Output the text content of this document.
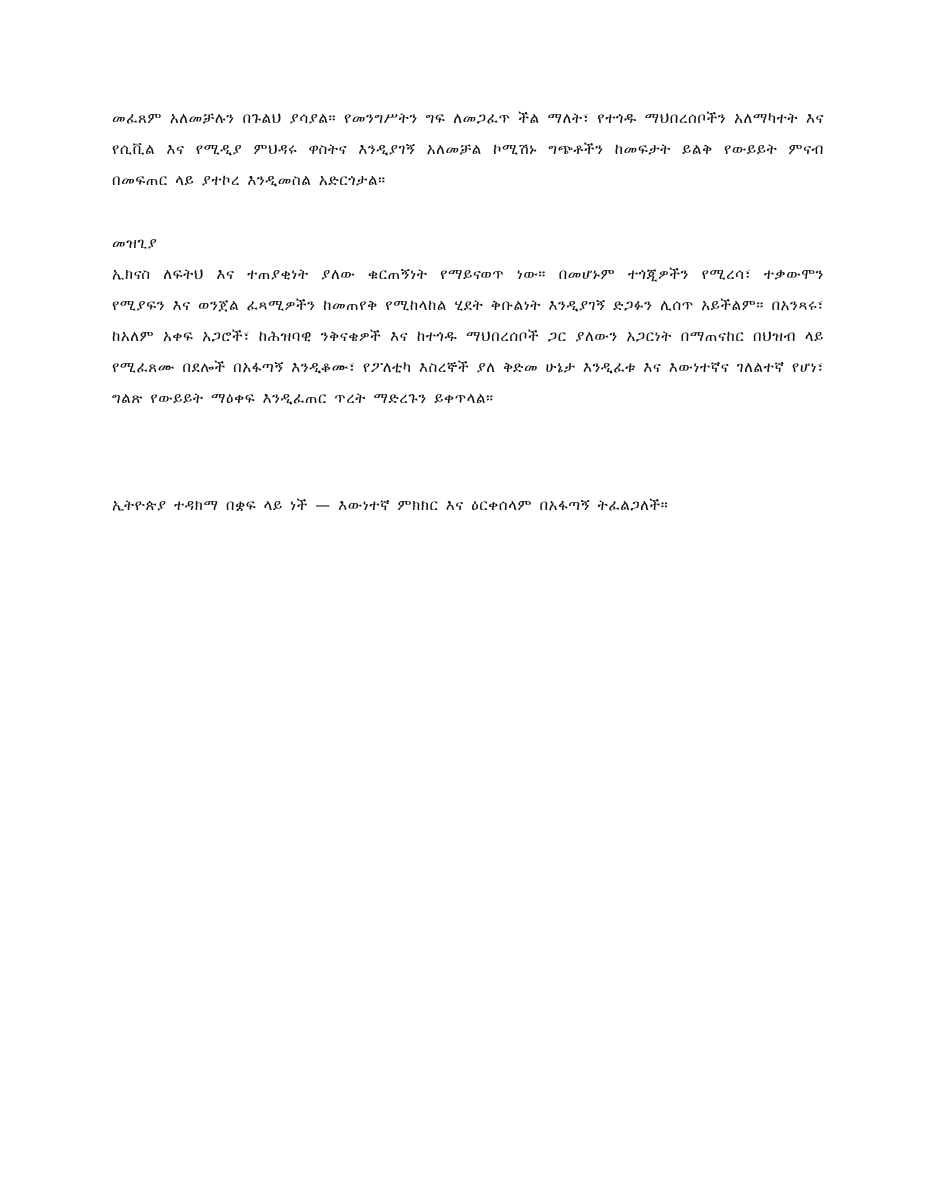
መፈጸም አለመቻሉን በጉልህ ያሳያል። የመንግሥትን ግፍ ለመጋፈጥ ችል ማለት፣ የተጎዱ ማህበረሰቦችን አለማካተት እና የሲቪል እና የሚዲያ ምህዳሩ ዋስትና እንዲያገኝ አለመቻል ኮሚሽኑ ግጭቶችን ከመፍታት ይልቅ የውይይት ምናብ በመፍጠር ላይ ያተኮረ እንዲመስል አድርጎታል።

መዝጊያ

ኢክናስ ለፍትህ እና ተጠያቂነት ያለው ቁርጠኝነት የማይናወጥ ነው። በመሆኑም ተጎጂዎችን የሚረሳ፣ ተቃውሞን የሚያፍን እና ወንጀል ፈጻሚዎችን ከመጠየቅ የሚከላከል ሂደት ቅቡልነት እንዲያገኝ ድጋፉን ሊሰጥ አይችልም። በአንጻሩ፣ ከአለም አቀፍ አጋሮች፣ ከሕዝባዊ ንቅናቄዎች እና ከተጎዱ ማህበረሰቦች ጋር ያለውን አጋርነት በማጠናከር በህዝብ ላይ የሚፈጸሙ በደሎች በአፋጣኝ እንዲቆሙ፣ የፖለቲካ እስረኞች ያለ ቅድመ ሁኔታ እንዲፈቱ እና እውነተኛና ገለልተኛ የሆነ፣ ግልጽ የውይይት ማዕቀፍ እንዲፈጠር ጥረት ማድረጉን ይቀጥላል።

ኢትዮጵያ ተዳክማ በቋፍ ላይ ነች — እውነተኛ ምክክር እና ዕርቀሰላም በአፋጣኝ ትፈልጋለች።
